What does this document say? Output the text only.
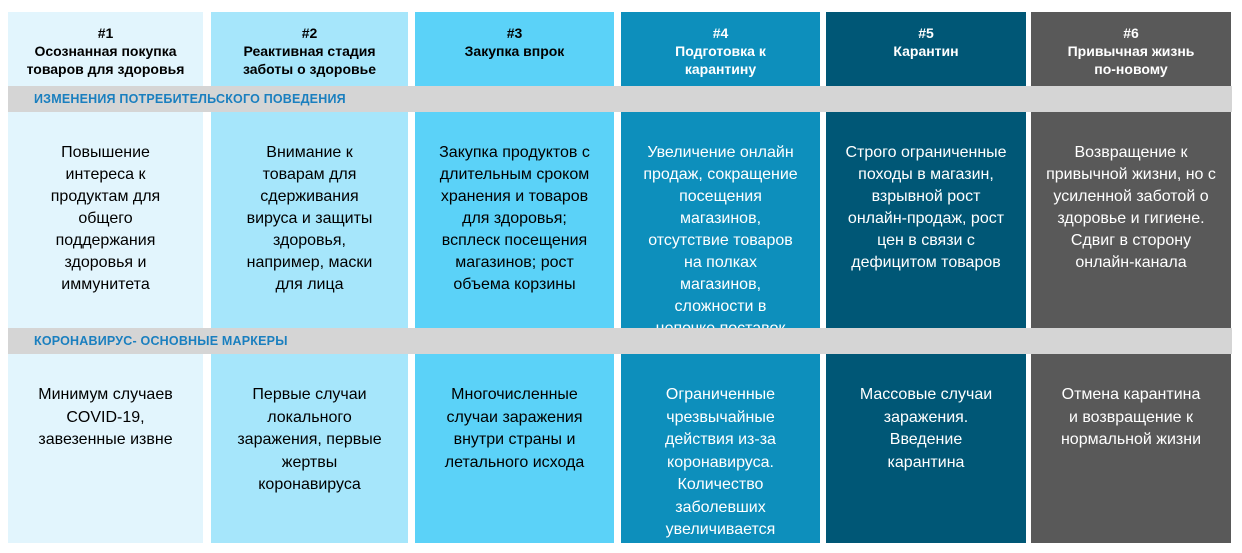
#1
Осознанная покупка
товаров для здоровья
Повышение
интереса к
продуктам для
общего
поддержания
здоровья и
иммунитета
Минимум случаев
COVID-19,
завезенные извне
#2
Реактивная стадия
заботы о здоровье
Внимание к
товарам для
сдерживания
вируса и защиты
здоровья,
например, маски
для лица
Первые случаи
локального
заражения, первые
жертвы
коронавируса
#3
Закупка впрок
Закупка продуктов с
длительным сроком
хранения и товаров
для здоровья;
всплеск посещения
магазинов; рост
объема корзины
Многочисленные
случаи заражения
внутри страны и
летального исхода
#4
Подготовка к
карантину
Увеличение онлайн
продаж, сокращение
посещения
магазинов,
отсутствие товаров
на полках
магазинов,
сложности в

Ограниченные
чрезвычайные
действия из-за
коронавируса.
Количество
заболевших
увеличивается
#5
Карантин
Строго ограниченные
походы в магазин,
взрывной рост
онлайн-продаж, рост
цен в связи с
дефицитом товаров
Массовые случаи
заражения.
Введение
карантина
#6
Привычная жизнь
по-новому
Возвращение к
привычной жизни, но с
усиленной заботой о
здоровье и гигиене.
Сдвиг в сторону
онлайн-канала
Отмена карантина
и возвращение к
нормальной жизни
ИЗМЕНЕНИЯ ПОТРЕБИТЕЛЬСКОГО ПОВЕДЕНИЯ
КОРОНАВИРУС- ОСНОВНЫЕ МАРКЕРЫ
